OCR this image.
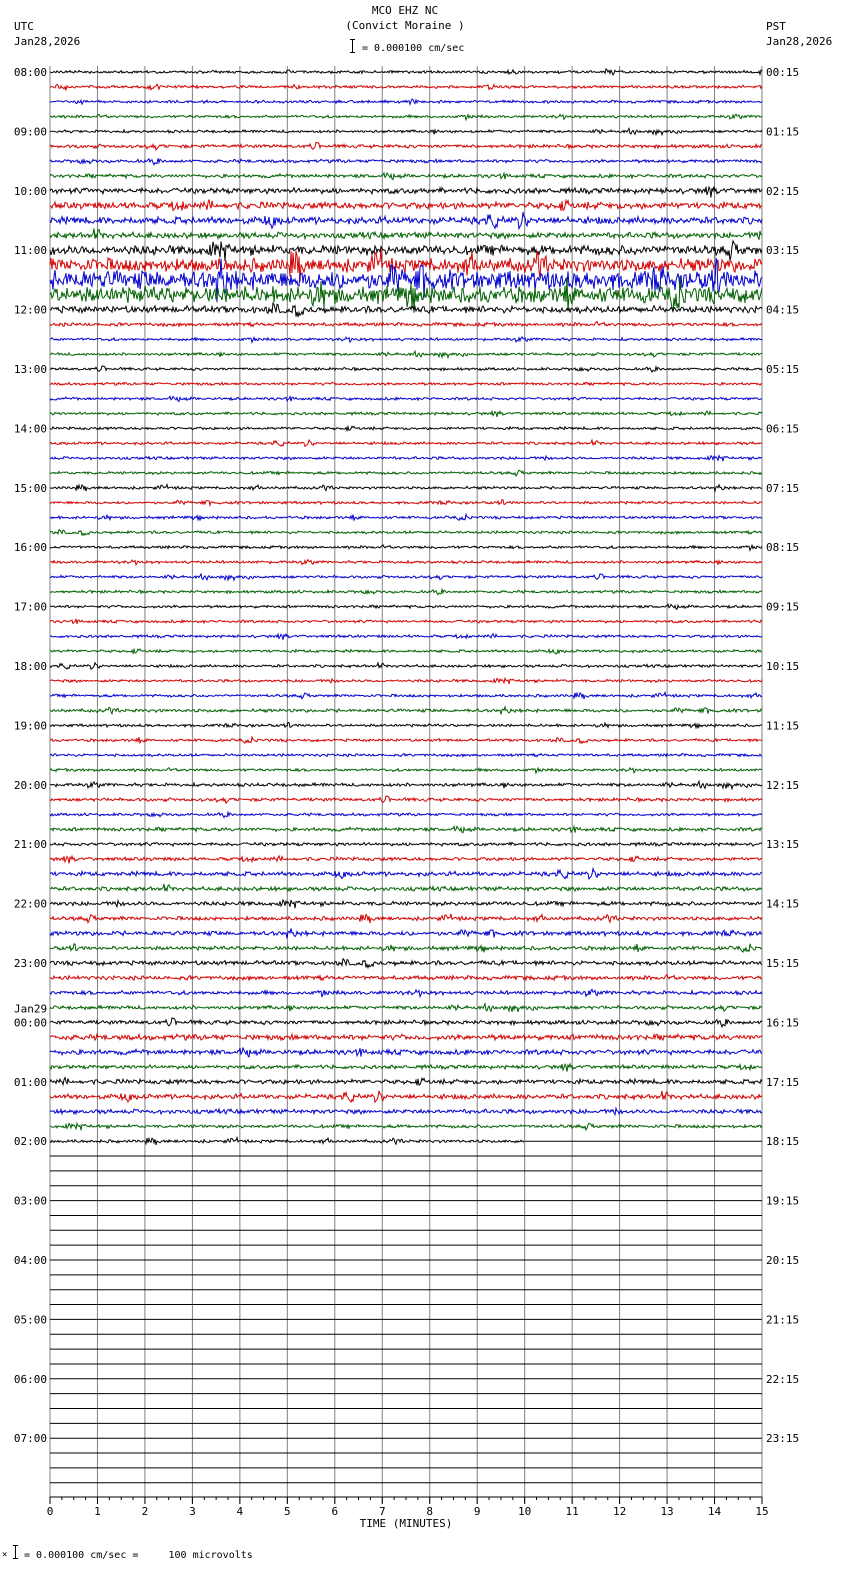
UTC
Jan28,2026
PST
Jan28,2026
MCO EHZ NC
(Convict Moraine )
= 0.000100 cm/sec
08:00
09:00
10:00
11:00
12:00
13:00
14:00
15:00
16:00
17:00
18:00
19:00
20:00
21:00
22:00
23:00
00:00
01:00
02:00
03:00
04:00
05:00
06:00
07:00
00:15
01:15
02:15
03:15
04:15
05:15
06:15
07:15
08:15
09:15
10:15
11:15
12:15
13:15
14:15
15:15
16:15
17:15
18:15
19:15
20:15
21:15
22:15
23:15
Jan29
0	1	2	3	4	5	6	7	8	9	10	11	12	13	14	15
TIME (MINUTES)
× = 0.000100 cm/sec =     100 microvolts
